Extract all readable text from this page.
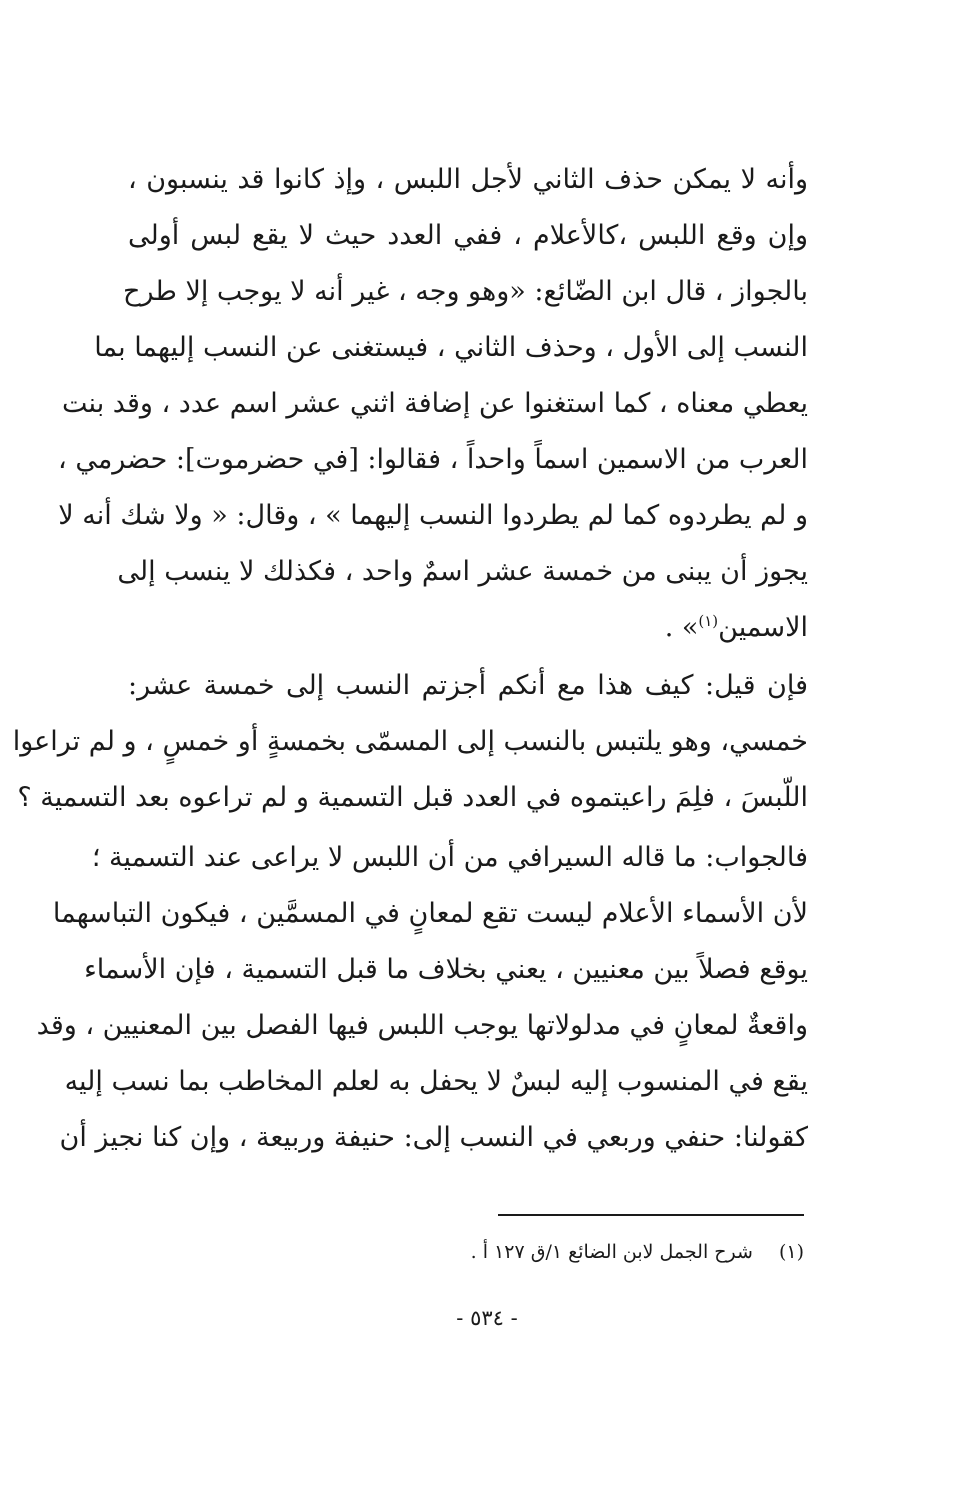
وأنه لا يمكن حذف الثاني لأجل اللبس ، وإذ كانوا قد ينسبون ،
وإن وقع اللبس ،كالأعلام ، ففي العدد حيث لا يقع لبس أولى
بالجواز ، قال ابن الضّائع: «وهو وجه ، غير أنه لا يوجب إلا طرح
النسب إلى الأول ، وحذف الثاني ، فيستغنى عن النسب إليهما بما
يعطي معناه ، كما استغنوا عن إضافة اثني عشر اسم عدد ، وقد بنت
العرب من الاسمين اسماً واحداً ، فقالوا: [في حضرموت]: حضرمي ،
و لم يطردوه كما لم يطردوا النسب إليهما » ، وقال: « ولا شك أنه لا
يجوز أن يبنى من خمسة عشر اسمٌ واحد ، فكذلك لا ينسب إلى
الاسمين$^{(١)}$» .
فإن قيل: كيف هذا مع أنكم أجزتم النسب إلى خمسة عشر:
خمسي، وهو يلتبس بالنسب إلى المسمّى بخمسةٍ أو خمسٍ ، و لم تراعوا
اللّبسَ ، فلِمَ راعيتموه في العدد قبل التسمية و لم تراعوه بعد التسمية ؟
فالجواب: ما قاله السيرافي من أن اللبس لا يراعى عند التسمية ؛
لأن الأسماء الأعلام ليست تقع لمعانٍ في المسمَّين ، فيكون التباسهما
يوقع فصلاً بين معنيين ، يعني بخلاف ما قبل التسمية ، فإن الأسماء
واقعةٌ لمعانٍ في مدلولاتها يوجب اللبس فيها الفصل بين المعنيين ، وقد
يقع في المنسوب إليه لبسٌ لا يحفل به لعلم المخاطب بما نسب إليه
كقولنا: حنفي وربعي في النسب إلى: حنيفة وربيعة ، وإن كنا نجيز أن
(١)شرح الجمل لابن الضائع ١/ق ١٢٧ أ .
- ٥٣٤ -
